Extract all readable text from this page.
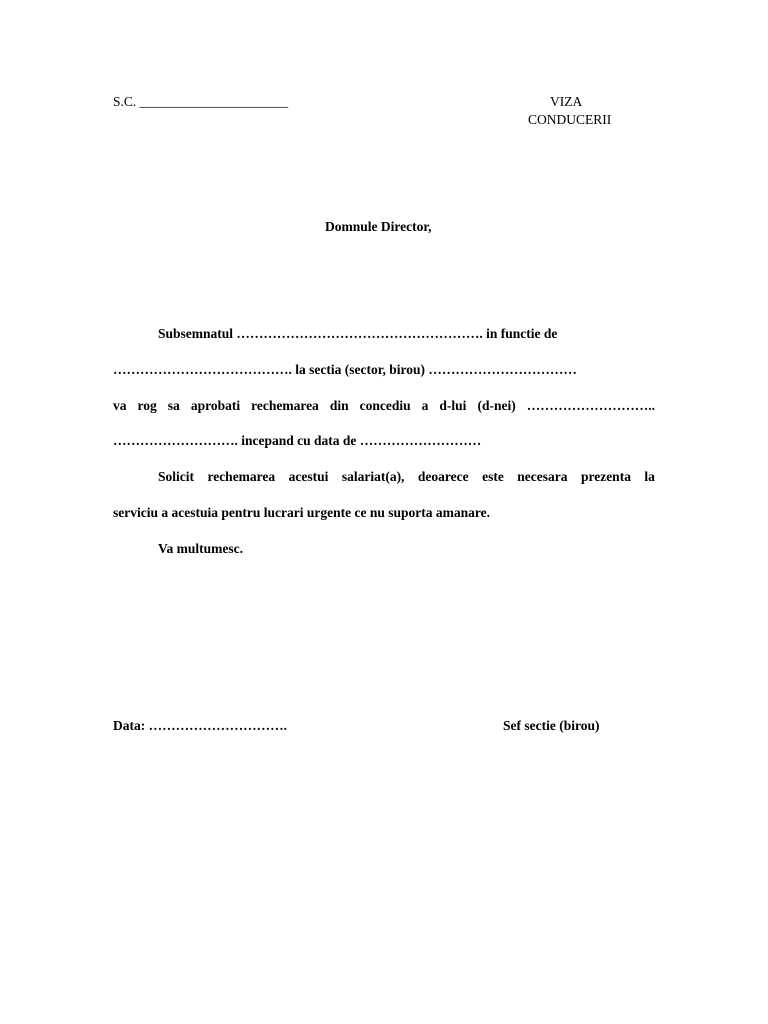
S.C. ______________________	VIZA
CONDUCERII
Domnule Director,
Subsemnatul ………………………………………………. in functie de
…………………………………. la sectia (sector, birou) ……………………………
va rog sa aprobati rechemarea din concediu a d-lui (d-nei) ………………………..
………………………. incepand cu data de ………………………
Solicit rechemarea acestui salariat(a), deoarece este necesara prezenta la
serviciu a acestuia pentru lucrari urgente ce nu suporta amanare.
Va multumesc.
Data: ………………………….	Sef sectie (birou)
